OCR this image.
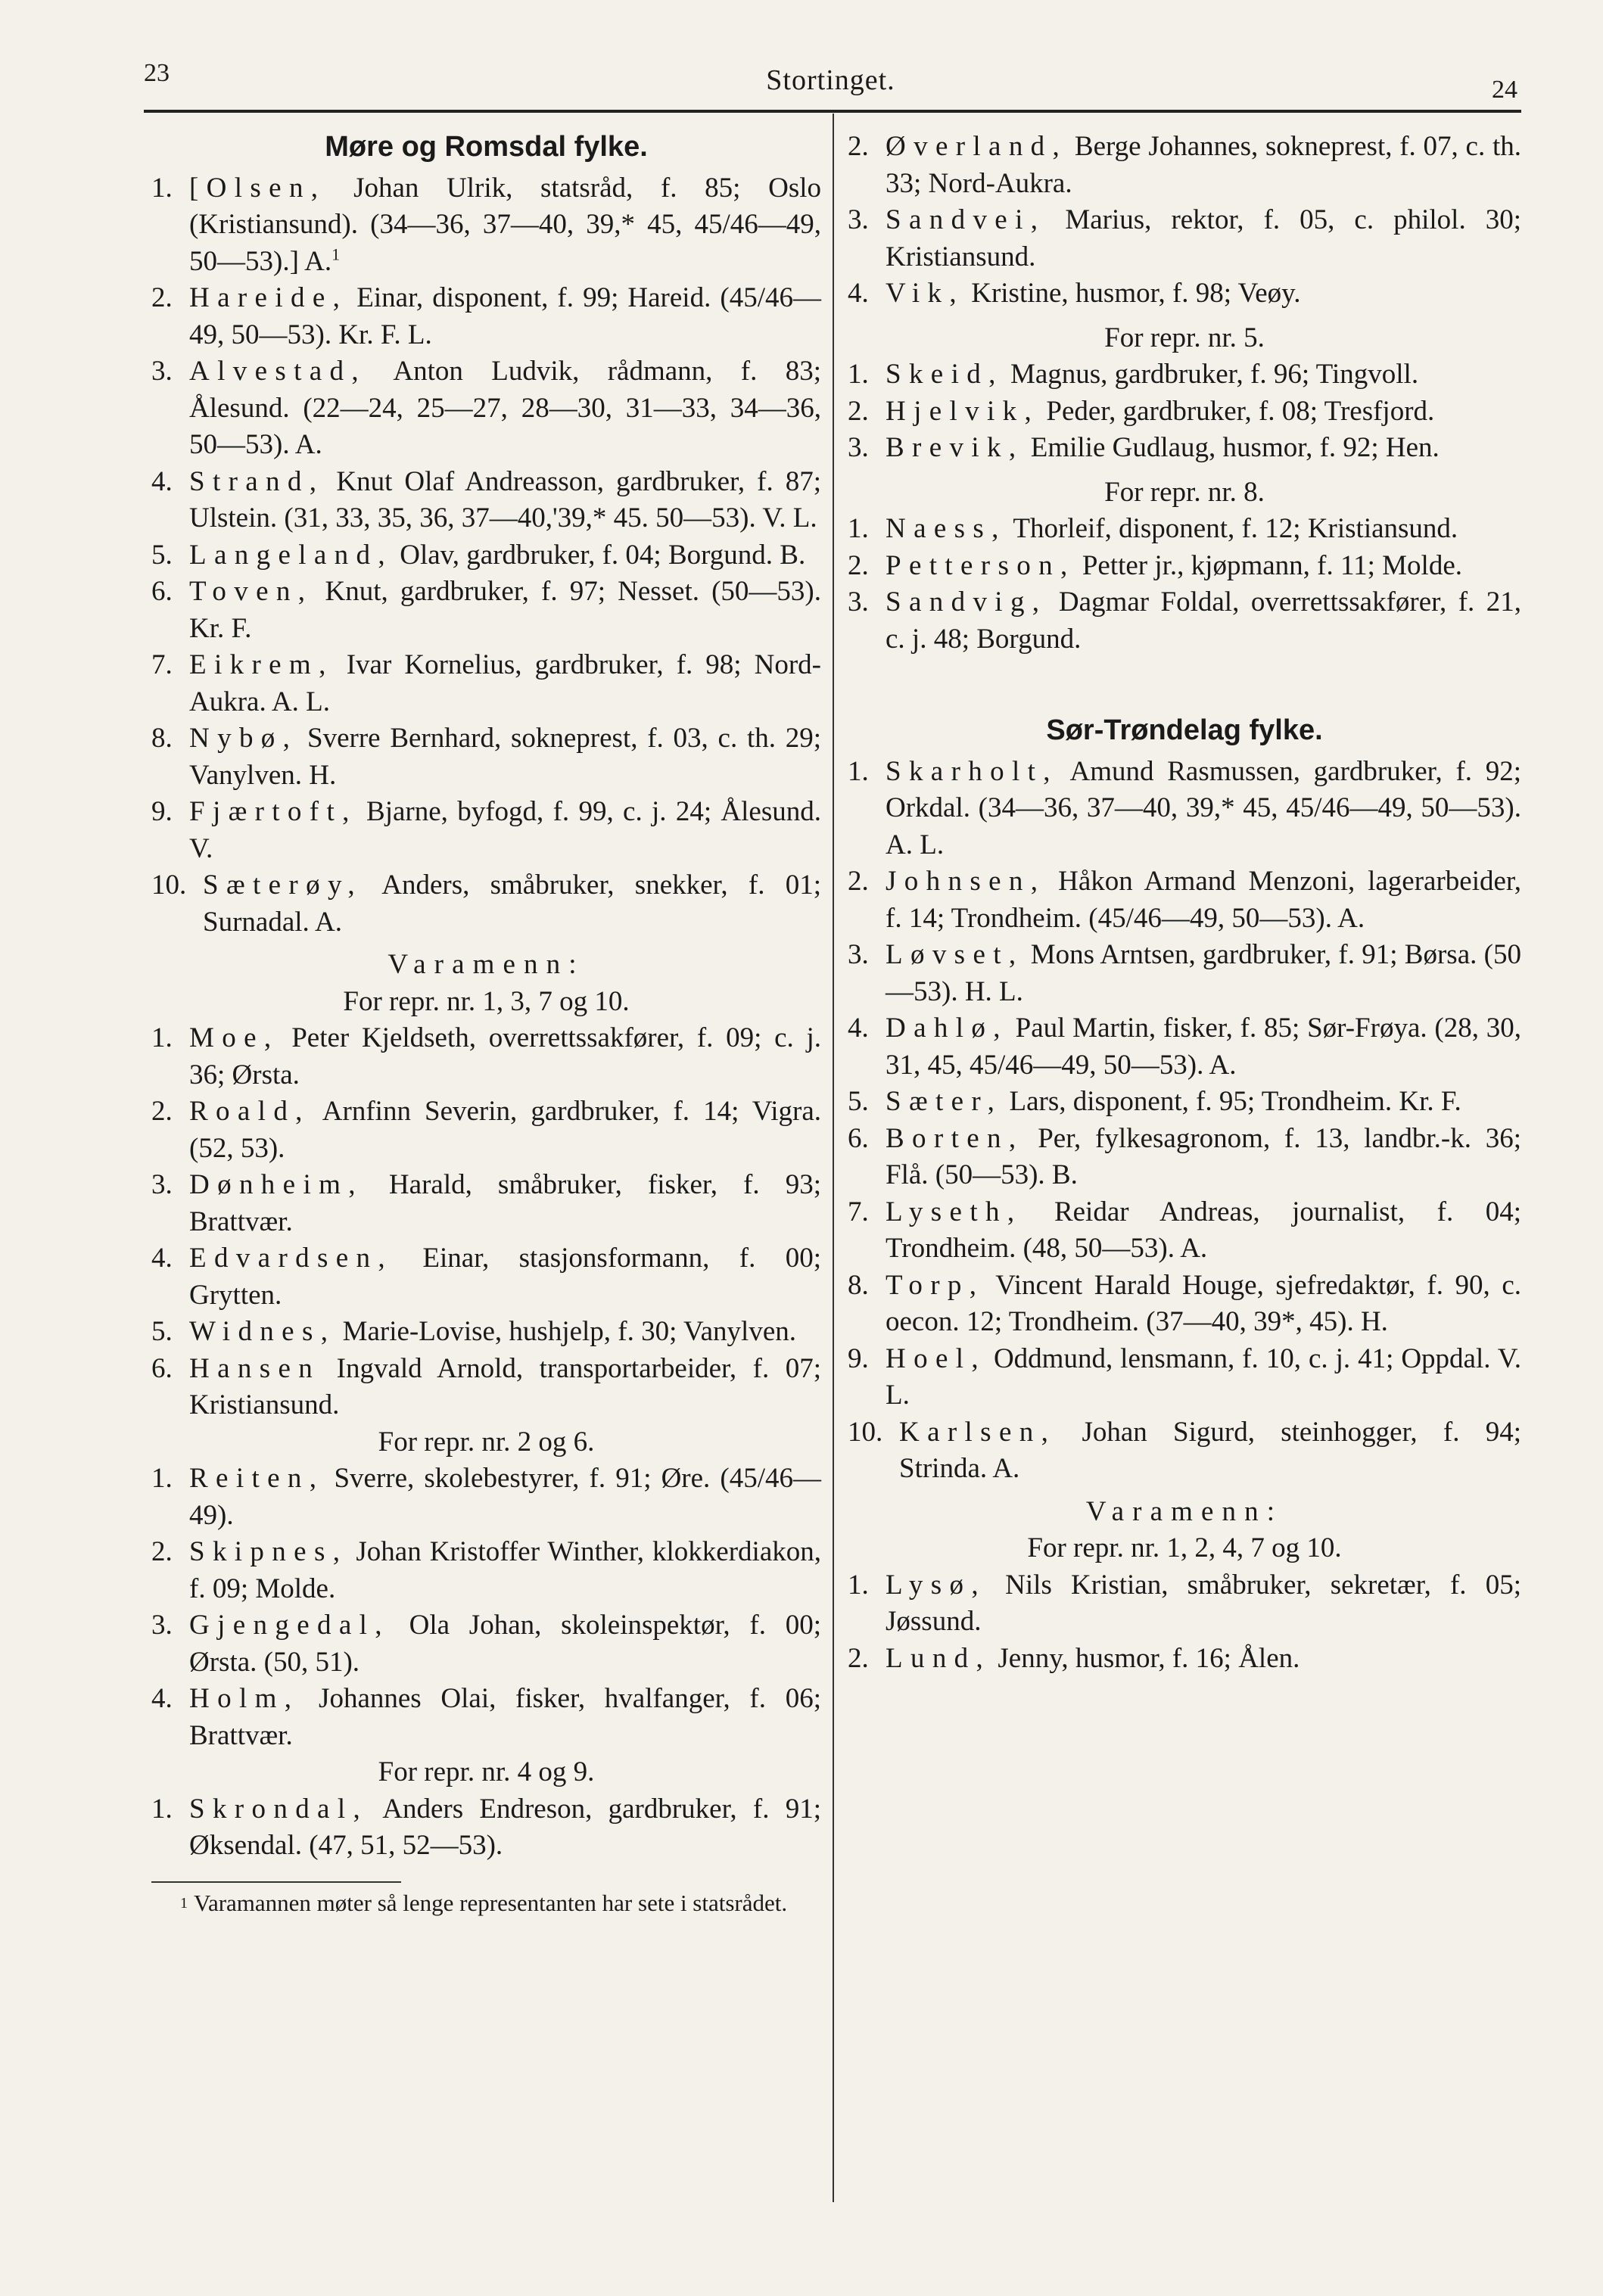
23	Stortinget.	24
Møre og Romsdal fylke.
1. [Olsen, Johan Ulrik, statsråd, f. 85; Oslo (Kristiansund). (34—36, 37—40, 39,* 45, 45/46—49, 50—53).] A.$^1$
2. Hareide, Einar, disponent, f. 99; Hareid. (45/46—49, 50—53). Kr. F. L.
3. Alvestad, Anton Ludvik, rådmann, f. 83; Ålesund. (22—24, 25—27, 28—30, 31—33, 34—36, 50—53). A.
4. Strand, Knut Olaf Andreasson, gardbruker, f. 87; Ulstein. (31, 33, 35, 36, 37—40,'39,* 45. 50—53). V. L.
5. Langeland, Olav, gardbruker, f. 04; Borgund. B.
6. Toven, Knut, gardbruker, f. 97; Nesset. (50—53). Kr. F.
7. Eikrem, Ivar Kornelius, gardbruker, f. 98; Nord-Aukra. A. L.
8. Nybø, Sverre Bernhard, sokneprest, f. 03, c. th. 29; Vanylven. H.
9. Fjærtoft, Bjarne, byfogd, f. 99, c. j. 24; Ålesund. V.
10. Sæterøy, Anders, småbruker, snekker, f. 01; Surnadal. A.
Varamenn:
For repr. nr. 1, 3, 7 og 10.
1. Moe, Peter Kjeldseth, overrettssakfører, f. 09; c. j. 36; Ørsta.
2. Roald, Arnfinn Severin, gardbruker, f. 14; Vigra. (52, 53).
3. Dønheim, Harald, småbruker, fisker, f. 93; Brattvær.
4. Edvardsen, Einar, stasjonsformann, f. 00; Grytten.
5. Widnes, Marie-Lovise, hushjelp, f. 30; Vanylven.
6. Hansen Ingvald Arnold, transportarbeider, f. 07; Kristiansund.
For repr. nr. 2 og 6.
1. Reiten, Sverre, skolebestyrer, f. 91; Øre. (45/46—49).
2. Skipnes, Johan Kristoffer Winther, klokkerdiakon, f. 09; Molde.
3. Gjengedal, Ola Johan, skoleinspektør, f. 00; Ørsta. (50, 51).
4. Holm, Johannes Olai, fisker, hvalfanger, f. 06; Brattvær.
For repr. nr. 4 og 9.
1. Skrondal, Anders Endreson, gardbruker, f. 91; Øksendal. (47, 51, 52—53).
1 Varamannen møter så lenge representanten har sete i statsrådet.
2. Øverland, Berge Johannes, sokneprest, f. 07, c. th. 33; Nord-Aukra.
3. Sandvei, Marius, rektor, f. 05, c. philol. 30; Kristiansund.
4. Vik, Kristine, husmor, f. 98; Veøy.
For repr. nr. 5.
1. Skeid, Magnus, gardbruker, f. 96; Tingvoll.
2. Hjelvik, Peder, gardbruker, f. 08; Tresfjord.
3. Brevik, Emilie Gudlaug, husmor, f. 92; Hen.
For repr. nr. 8.
1. Naess, Thorleif, disponent, f. 12; Kristiansund.
2. Petterson, Petter jr., kjøpmann, f. 11; Molde.
3. Sandvig, Dagmar Foldal, overrettssakfører, f. 21, c. j. 48; Borgund.
Sør-Trøndelag fylke.
1. Skarholt, Amund Rasmussen, gardbruker, f. 92; Orkdal. (34—36, 37—40, 39,* 45, 45/46—49, 50—53). A. L.
2. Johnsen, Håkon Armand Menzoni, lagerarbeider, f. 14; Trondheim. (45/46—49, 50—53). A.
3. Løvset, Mons Arntsen, gardbruker, f. 91; Børsa. (50—53). H. L.
4. Dahlø, Paul Martin, fisker, f. 85; Sør-Frøya. (28, 30, 31, 45, 45/46—49, 50—53). A.
5. Sæter, Lars, disponent, f. 95; Trondheim. Kr. F.
6. Borten, Per, fylkesagronom, f. 13, landbr.-k. 36; Flå. (50—53). B.
7. Lyseth, Reidar Andreas, journalist, f. 04; Trondheim. (48, 50—53). A.
8. Torp, Vincent Harald Houge, sjefredaktør, f. 90, c. oecon. 12; Trondheim. (37—40, 39*, 45). H.
9. Hoel, Oddmund, lensmann, f. 10, c. j. 41; Oppdal. V. L.
10. Karlsen, Johan Sigurd, steinhogger, f. 94; Strinda. A.
Varamenn:
For repr. nr. 1, 2, 4, 7 og 10.
1. Lysø, Nils Kristian, småbruker, sekretær, f. 05; Jøssund.
2. Lund, Jenny, husmor, f. 16; Ålen.
